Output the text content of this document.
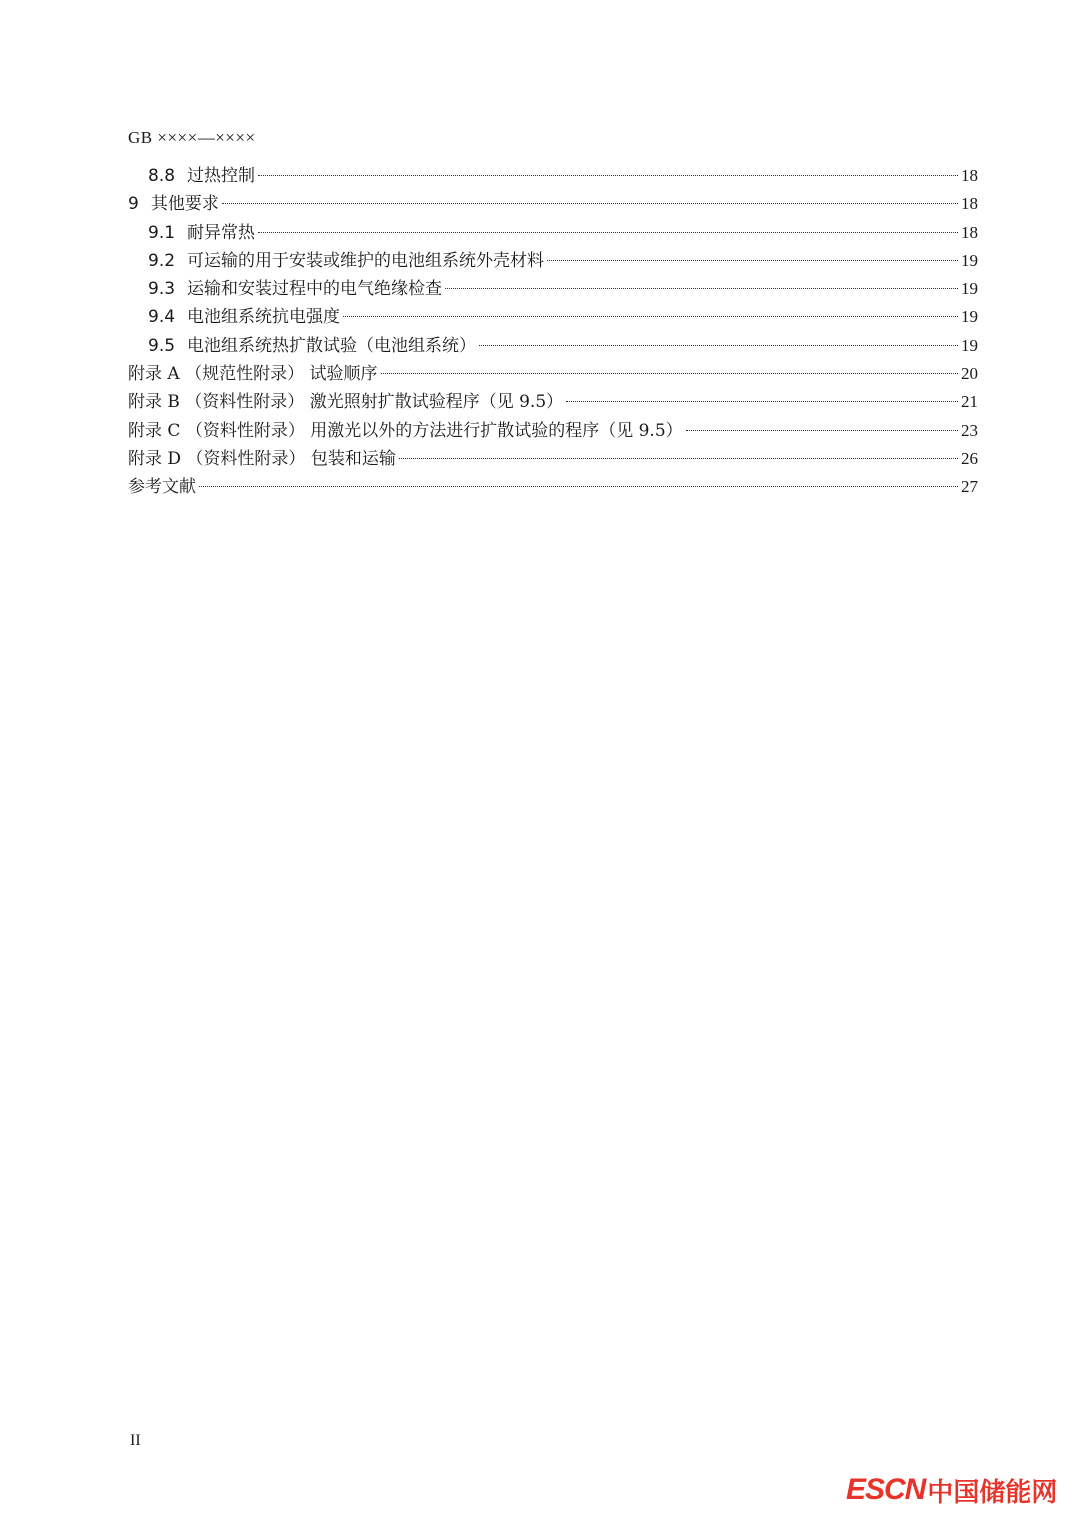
GB ××××—××××
8.8 过热控制	18
9 其他要求	18
9.1 耐异常热	18
9.2 可运输的用于安装或维护的电池组系统外壳材料	19
9.3 运输和安装过程中的电气绝缘检查	19
9.4 电池组系统抗电强度	19
9.5 电池组系统热扩散试验（电池组系统）	19
附录 A （规范性附录） 试验顺序	20
附录 B （资料性附录） 激光照射扩散试验程序（见 9.5）	21
附录 C （资料性附录） 用激光以外的方法进行扩散试验的程序（见 9.5）	23
附录 D （资料性附录） 包装和运输	26
参考文献	27
II
ESCN 中国储能网
